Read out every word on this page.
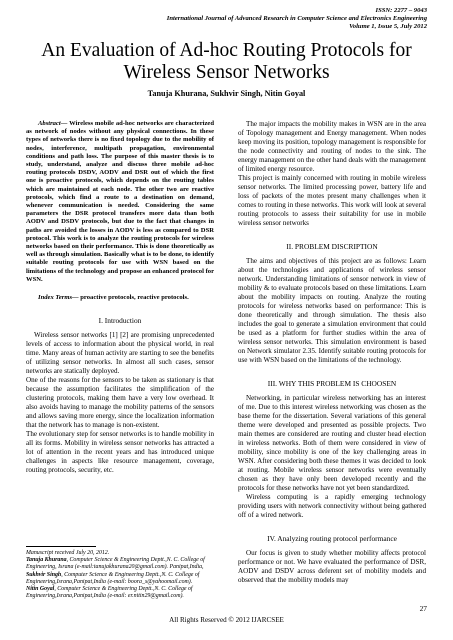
ISSN: 2277 – 9043
International Journal of Advanced Research in Computer Science and Electronics Engineering
Volume 1, Issue 5, July 2012
An Evaluation of Ad-hoc Routing Protocols for Wireless Sensor Networks
Tanuja Khurana, Sukhvir Singh, Nitin Goyal

Abstract— Wireless mobile ad-hoc networks are characterized as network of nodes without any physical connections. In these types of networks there is no fixed topology due to the mobility of nodes, interference, multipath propagation, environmental conditions and path loss. The purpose of this master thesis is to study, understand, analyze and discuss three mobile ad-hoc routing protocols DSDV, AODV and DSR out of which the first one is proactive protocols, which depends on the routing tables which are maintained at each node. The other two are reactive protocols, which find a route to a destination on demand, whenever communication is needed. Considering the same parameters the DSR protocol transfers more data than both AODV and DSDV protocols, but due to the fact that changes in paths are avoided the losses in AODV is less as compared to DSR protocol. This work is to analyze the routing protocols for wireless networks based on their performance. This is done theoretically as well as through simulation. Basically what is to be done, to identify suitable routing protocols for use with WSN based on the limitations of the technology and propose an enhanced protocol for WSN.

Index Terms— proactive protocols, reactive protocols.

I. Introduction

Wireless sensor networks [1] [2] are promising unprecedented levels of access to information about the physical world, in real time. Many areas of human activity are starting to see the benefits of utilizing sensor networks. In almost all such cases, sensor networks are statically deployed.

One of the reasons for the sensors to be taken as stationary is that because the assumption facilitates the simplification of the clustering protocols, making them have a very low overhead. It also avoids having to manage the mobility patterns of the sensors and allows saving more energy, since the localization information that the network has to manage is non-existent.

The evolutionary step for sensor networks is to handle mobility in all its forms. Mobility in wireless sensor networks has attracted a lot of attention in the recent years and has introduced unique challenges in aspects like resource management, coverage, routing protocols, security, etc.

Manuscript received July 20, 2012.
Tanuja Khurana, Computer Science & Engineering Deptt.,N. C. College of Engineering, Israna (e-mail:tanujakhurana20@gmail.com). Panipat,India,
Sukhvir Singh, Computer Science & Engineering Deptt.,N. C. College of Engineering,Israna,Panipat,India (e-mail: boora_s@yahoomail.com).
Nitin Goyal, Computer Science & Engineering Deptt.,N. C. College of Engineering,Israna,Panipat,India (e-mail: er.nitin29@gmail.com).

The major impacts the mobility makes in WSN are in the area of Topology management and Energy management. When nodes keep moving its position, topology management is responsible for the node connectivity and routing of nodes to the sink. The energy management on the other hand deals with the management of limited energy resource.

This project is mainly concerned with routing in mobile wireless sensor networks. The limited processing power, battery life and loss of packets of the motes present many challenges when it comes to routing in these networks. This work will look at several routing protocols to assess their suitability for use in mobile wireless sensor networks

II. PROBLEM DISCRIPTION

The aims and objectives of this project are as follows: Learn about the technologies and applications of wireless sensor network. Understanding limitations of sensor network in view of mobility & to evaluate protocols based on these limitations. Learn about the mobility impacts on routing. Analyze the routing protocols for wireless networks based on performance: This is done theoretically and through simulation. The thesis also includes the goal to generate a simulation environment that could be used as a platform for further studies within the area of wireless sensor networks. This simulation environment is based on Network simulator 2.35. Identify suitable routing protocols for use with WSN based on the limitations of the technology.

III. WHY THIS PROBLEM IS CHOOSEN

Networking, in particular wireless networking has an interest of me. Due to this interest wireless networking was chosen as the base theme for the dissertation. Several variations of this general theme were developed and presented as possible projects. Two main themes are considered are routing and cluster head election in wireless networks. Both of them were considered in view of mobility, since mobility is one of the key challenging areas in WSN. After considering both these themes it was decided to look at routing. Mobile wireless sensor networks were eventually chosen as they have only been developed recently and the protocols for these networks have not yet been standardized.

Wireless computing is a rapidly emerging technology providing users with network connectivity without being gathered off of a wired network.

IV. Analyzing routing protocol performance

Our focus is given to study whether mobility affects protocol performance or not. We have evaluated the performance of DSR, AODV and DSDV across deferent set of mobility models and observed that the mobility models may

27
All Rights Reserved © 2012 IJARCSEE
